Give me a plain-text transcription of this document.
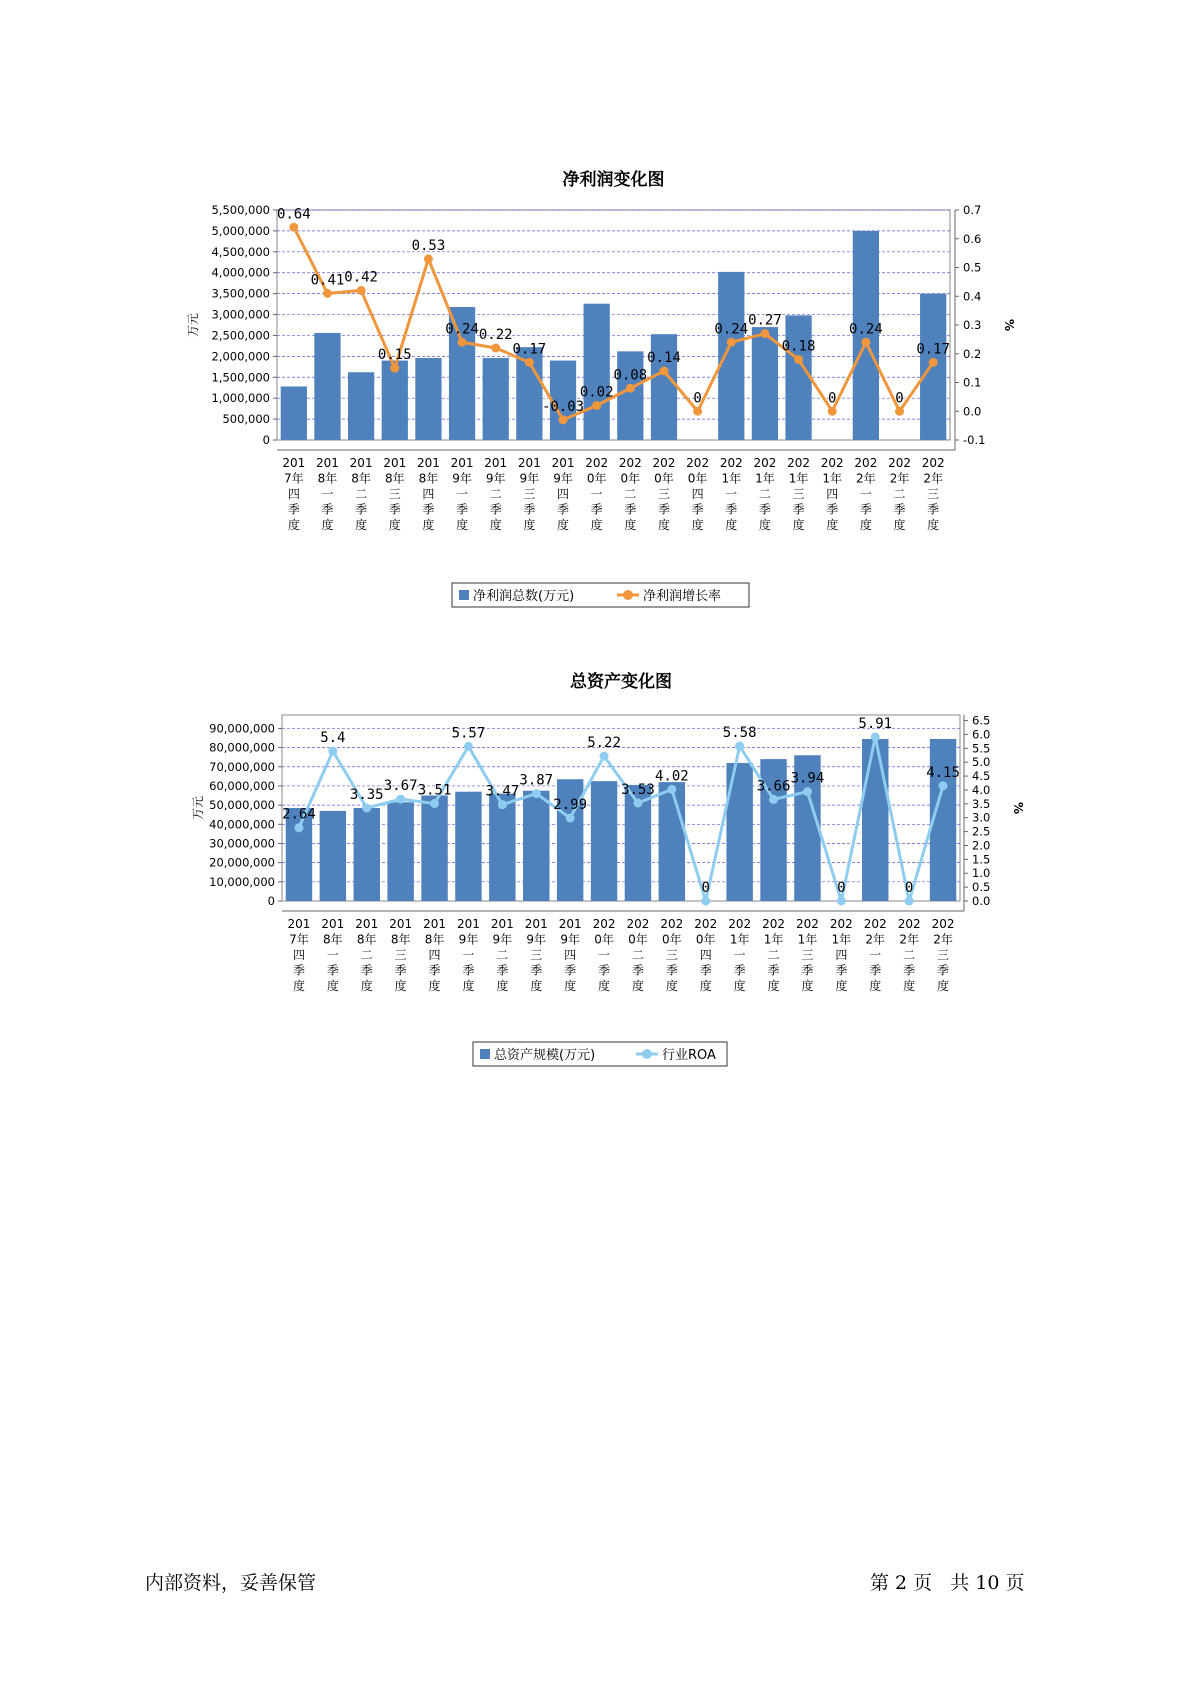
净利润变化图
0
500,000
1,000,000
1,500,000
2,000,000
2,500,000
3,000,000
3,500,000
4,000,000
4,500,000
5,000,000
5,500,000
-0.1
0.0
0.1
0.2
0.3
0.4
0.5
0.6
0.7
万元	%
201
7年
四
季
度
201
8年
一
季
度
201
8年
二
季
度
201
8年
三
季
度
201
8年
四
季
度
201
9年
一
季
度
201
9年
二
季
度
201
9年
三
季
度
201
9年
四
季
度
202
0年
一
季
度
202
0年
二
季
度
202
0年
三
季
度
202
0年
四
季
度
202
1年
一
季
度
202
1年
二
季
度
202
1年
三
季
度
202
1年
四
季
度
202
2年
一
季
度
202
2年
二
季
度
202
2年
三
季
度
0.64
0.41 0.42
0.15
0.53
0.24 0.22
0.17
-0.03
0.02
0.08
0.14
0
0.24
0.27
0.18
0
0.24
0
0.17
净利润总数(万元)	净利润增长率
总资产变化图
0
10,000,000
20,000,000
30,000,000
40,000,000
50,000,000
60,000,000
70,000,000
80,000,000
90,000,000
0.0
0.5
1.0
1.5
2.0
2.5
3.0
3.5
4.0
4.5
5.0
5.5
6.0
6.5
万元	%
201
7年
四
季
度
201
8年
一
季
度
201
8年
二
季
度
201
8年
三
季
度
201
8年
四
季
度
201
9年
一
季
度
201
9年
二
季
度
201
9年
三
季
度
201
9年
四
季
度
202
0年
一
季
度
202
0年
二
季
度
202
0年
三
季
度
202
0年
四
季
度
202
1年
一
季
度
202
1年
二
季
度
202
1年
三
季
度
202
1年
四
季
度
202
2年
一
季
度
202
2年
二
季
度
202
2年
三
季
度
2.64
5.4
3.35
3.67 3.51
5.57
3.47
3.87
2.99
5.22
3.53
4.02
0
5.58
3.66 3.94
0
5.91
0
4.15
总资产规模(万元)	行业ROA
内部资料，妥善保管	第 2 页   共 10 页
